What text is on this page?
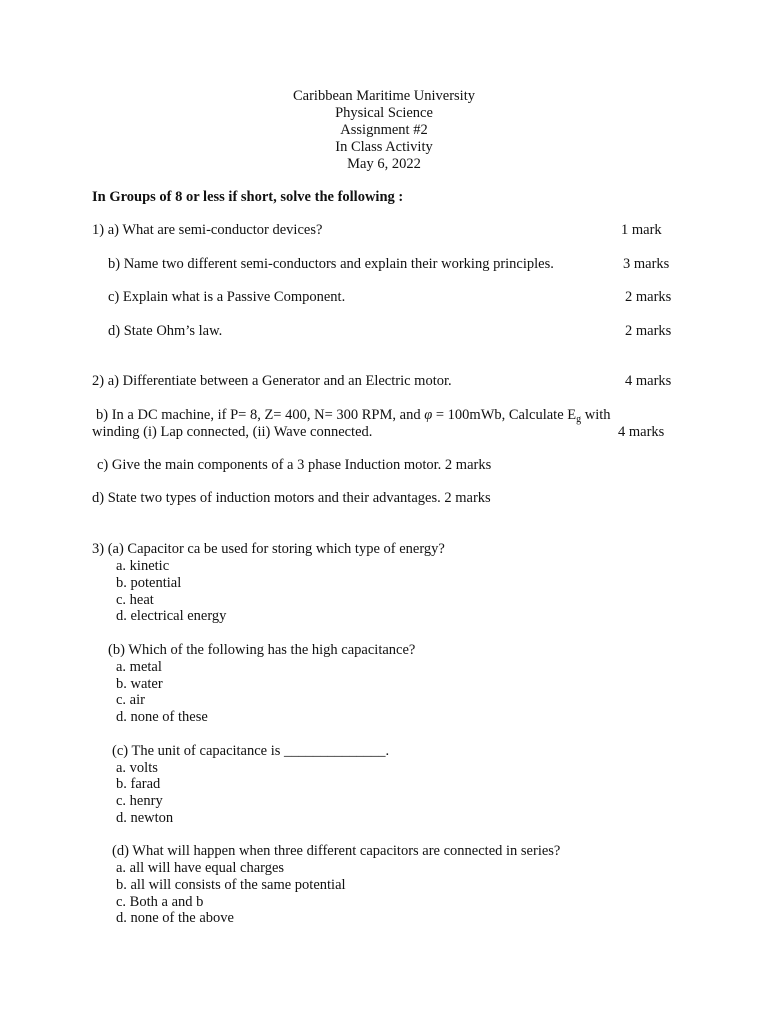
Caribbean Maritime University
Physical Science
Assignment #2
In Class Activity
May 6, 2022
In Groups of 8 or less if short, solve the following :
1) a) What are semi-conductor devices?	1 mark
b) Name two different semi-conductors and explain their working principles.	3 marks
c) Explain what is a Passive Component.	2 marks
d) State Ohm’s law.	2 marks
2) a) Differentiate between a Generator and an Electric motor.	4 marks
b) In a DC machine, if P= 8, Z= 400, N= 300 RPM, and φ = 100mWb, Calculate $E_g$ with
winding (i) Lap connected, (ii) Wave connected.	4 marks
c) Give the main components of a 3 phase Induction motor. 2 marks
d) State two types of induction motors and their advantages. 2 marks
3) (a) Capacitor ca be used for storing which type of energy?
a. kinetic
b. potential
c. heat
d. electrical energy
(b) Which of the following has the high capacitance?
a. metal
b. water
c. air
d. none of these
(c) The unit of capacitance is ______________.
a. volts
b. farad
c. henry
d. newton
(d) What will happen when three different capacitors are connected in series?
a. all will have equal charges
b. all will consists of the same potential
c. Both a and b
d. none of the above
